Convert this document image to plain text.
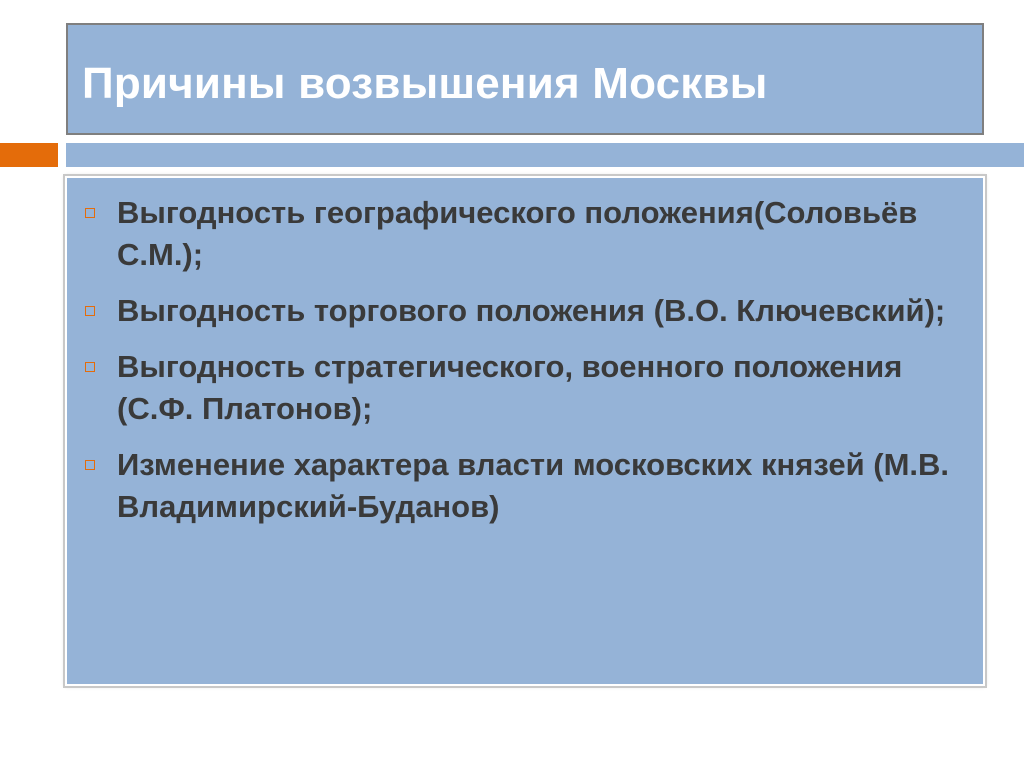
Причины возвышения Москвы
Выгодность географического положения(Соловьёв С.М.);
Выгодность торгового положения (В.О. Ключевский);
Выгодность стратегического, военного положения (С.Ф. Платонов);
Изменение характера власти московских князей (М.В. Владимирский-Буданов)
